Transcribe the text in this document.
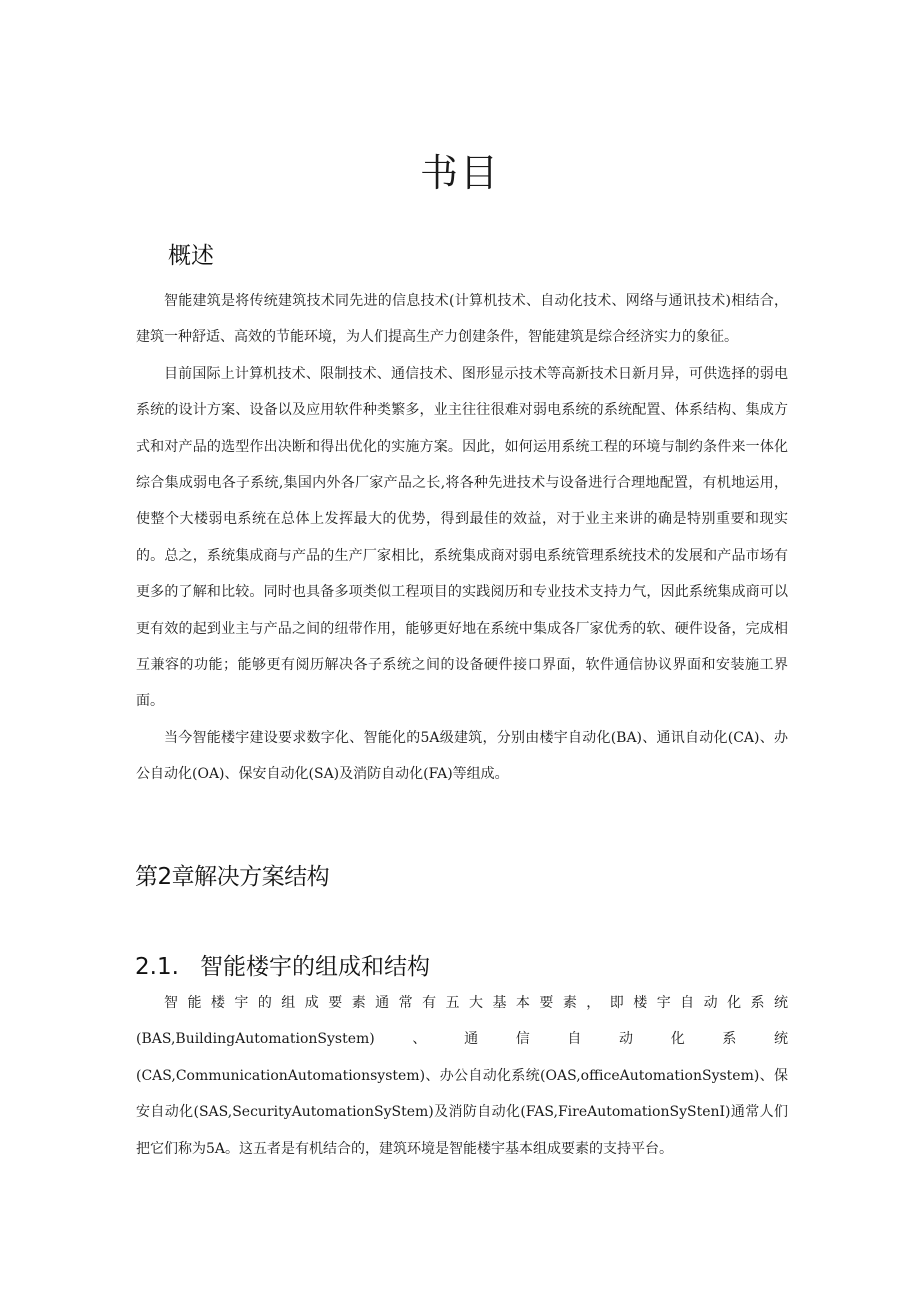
书目
概述

智能建筑是将传统建筑技术同先进的信息技术(计算机技术、自动化技术、网络与通讯技术)相结合，建筑一种舒适、高效的节能环境，为人们提高生产力创建条件，智能建筑是综合经济实力的象征。

目前国际上计算机技术、限制技术、通信技术、图形显示技术等高新技术日新月异，可供选择的弱电系统的设计方案、设备以及应用软件种类繁多，业主往往很难对弱电系统的系统配置、体系结构、集成方式和对产品的选型作出决断和得出优化的实施方案。因此，如何运用系统工程的环境与制约条件来一体化综合集成弱电各子系统,集国内外各厂家产品之长,将各种先进技术与设备进行合理地配置，有机地运用，使整个大楼弱电系统在总体上发挥最大的优势，得到最佳的效益，对于业主来讲的确是特别重要和现实的。总之，系统集成商与产品的生产厂家相比，系统集成商对弱电系统管理系统技术的发展和产品市场有更多的了解和比较。同时也具备多项类似工程项目的实践阅历和专业技术支持力气，因此系统集成商可以更有效的起到业主与产品之间的纽带作用，能够更好地在系统中集成各厂家优秀的软、硬件设备，完成相互兼容的功能；能够更有阅历解决各子系统之间的设备硬件接口界面，软件通信协议界面和安装施工界面。

当今智能楼宇建设要求数字化、智能化的5A级建筑，分别由楼宇自动化(BA)、通讯自动化(CA)、办公自动化(OA)、保安自动化(SA)及消防自动化(FA)等组成。

第2章解决方案结构
2.1. 智能楼宇的组成和结构

智能楼宇的组成要素通常有五大基本要素，即楼宇自动化系统(BAS,BuildingAutomationSystem)、通信自动化系统(CAS,CommunicationAutomationsystem)、办公自动化系统(OAS,officeAutomationSystem)、保安自动化(SAS,SecurityAutomationSyStem)及消防自动化(FAS,FireAutomationSyStenI)通常人们把它们称为5A。这五者是有机结合的，建筑环境是智能楼宇基本组成要素的支持平台。
